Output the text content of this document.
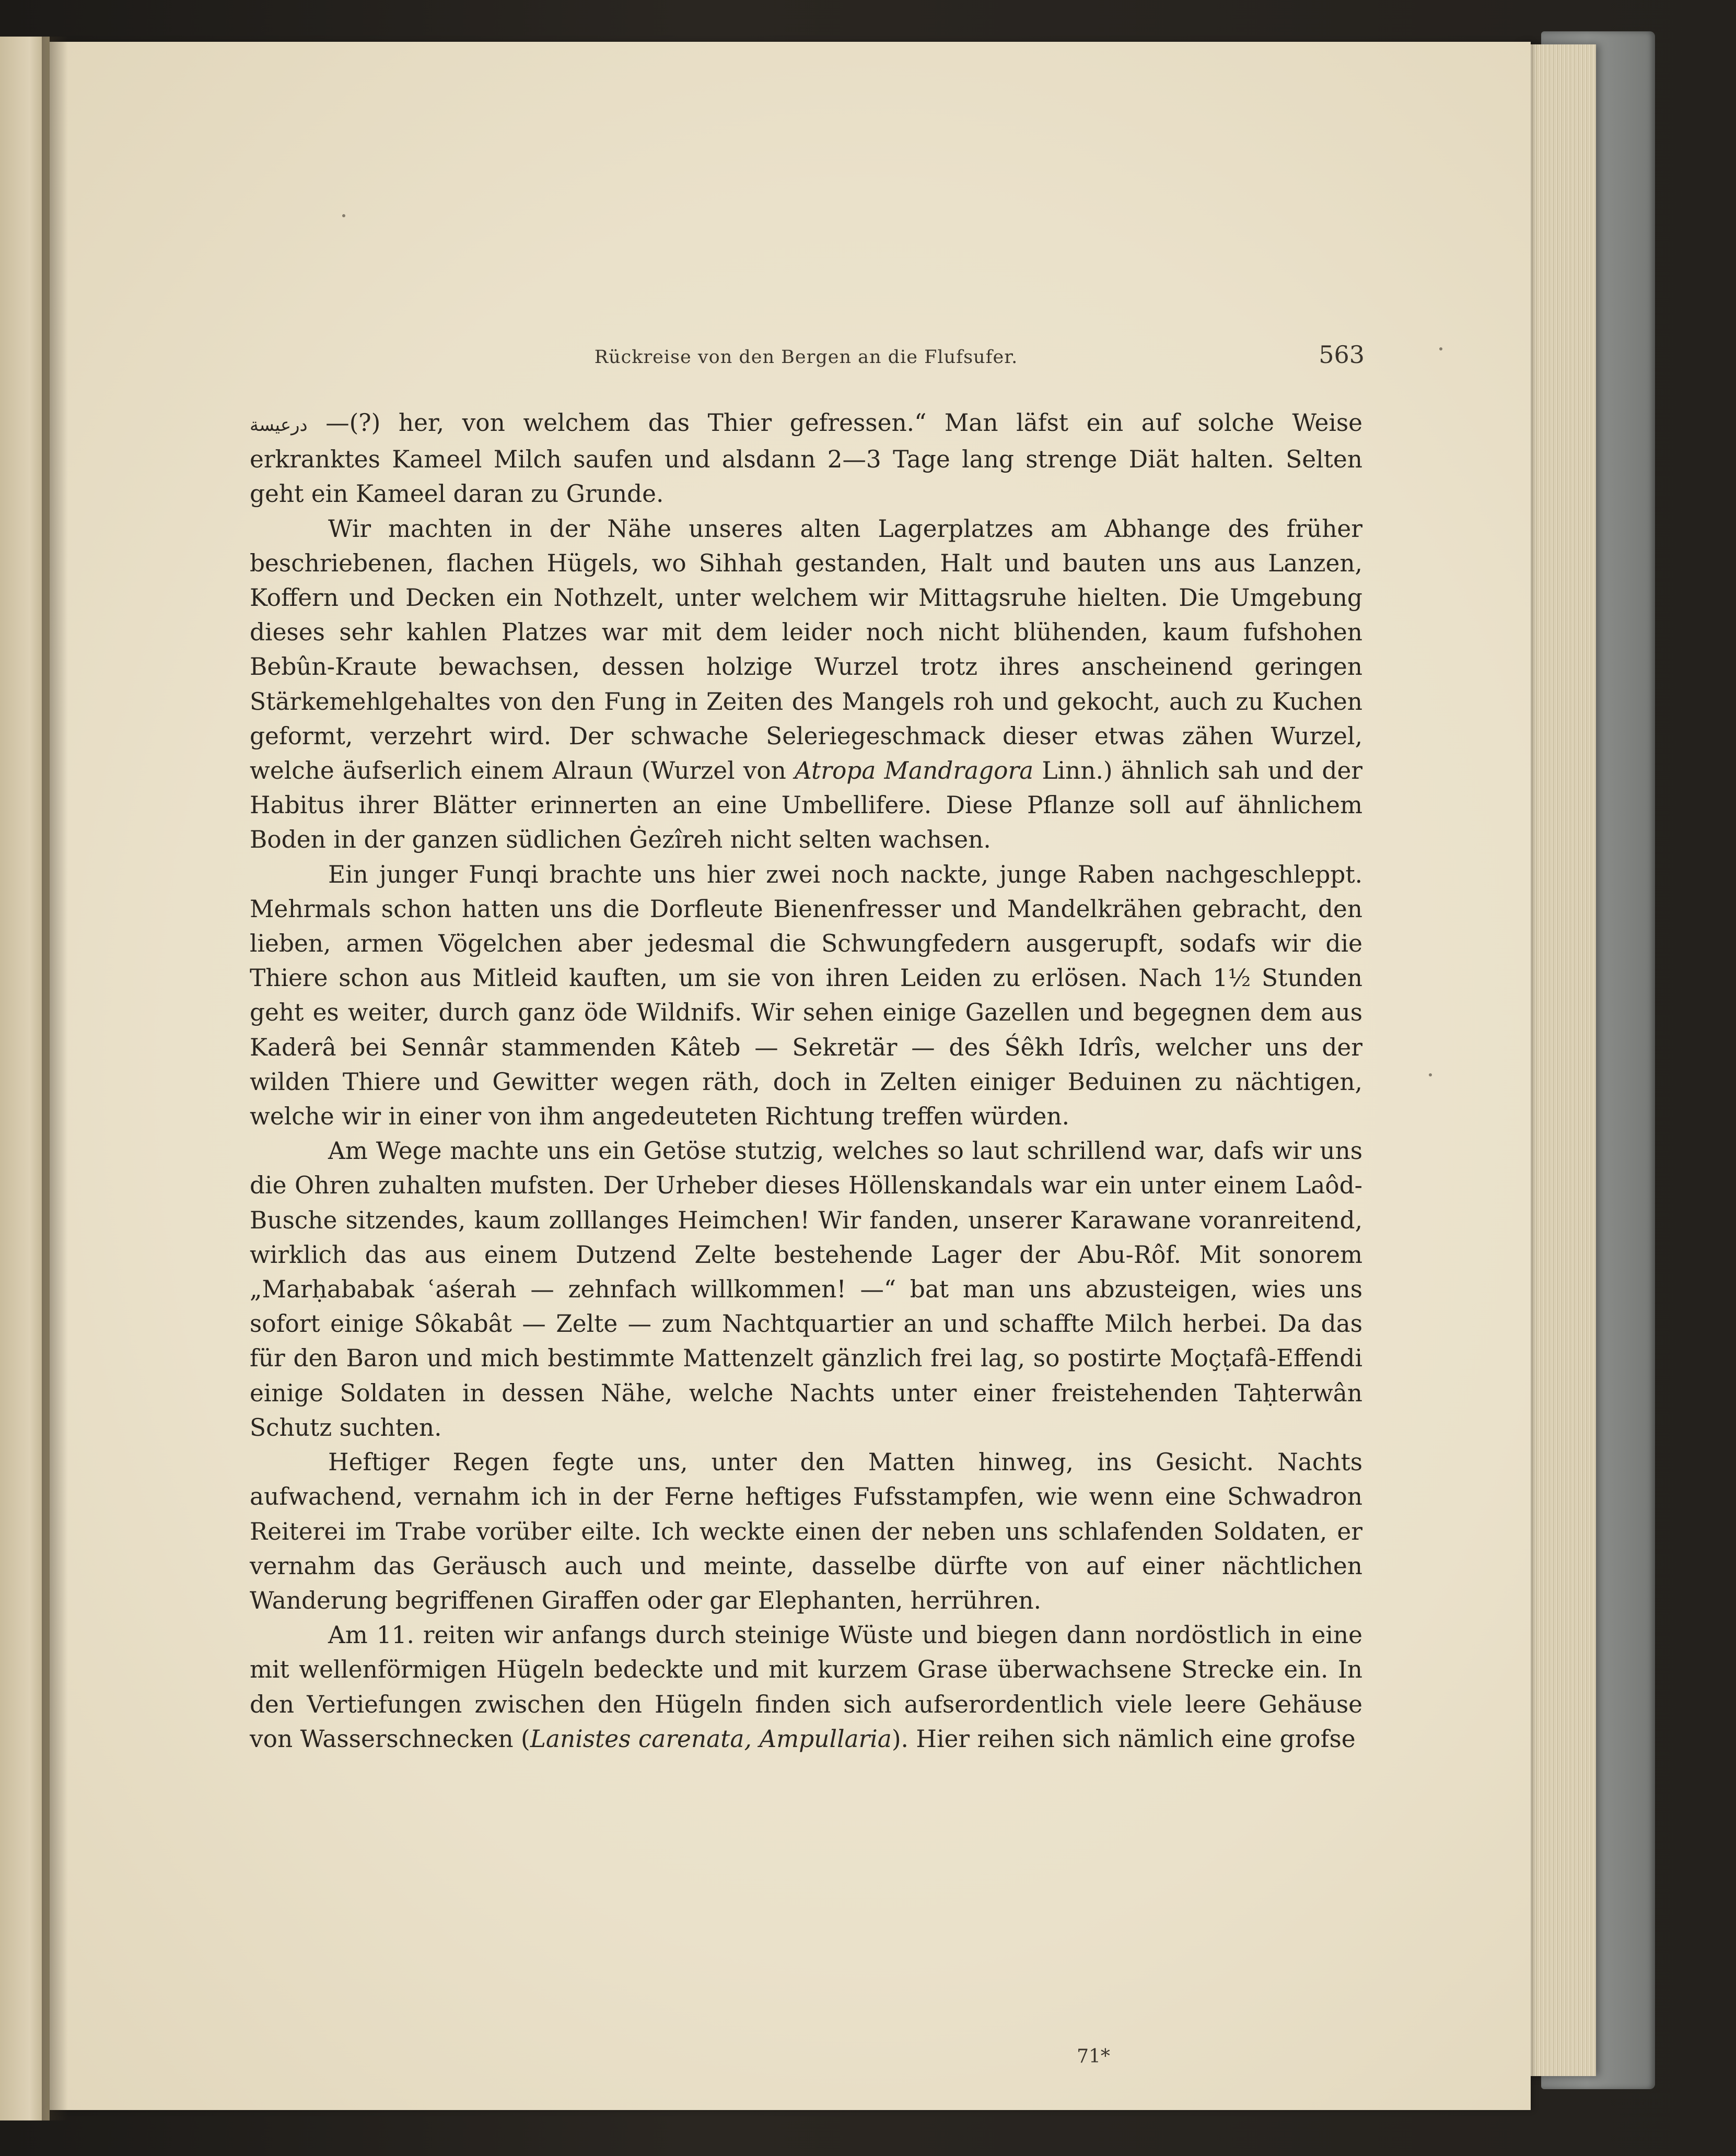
Rückreise von den Bergen an die Flufsufer.	563

درعيسة —(?) her, von welchem das Thier gefressen.“ Man läfst ein auf solche Weise erkranktes Kameel Milch saufen und alsdann 2—3 Tage lang strenge Diät halten. Selten geht ein Kameel daran zu Grunde.

Wir machten in der Nähe unseres alten Lagerplatzes am Abhange des früher beschriebenen, flachen Hügels, wo Sihhah gestanden, Halt und bauten uns aus Lanzen, Koffern und Decken ein Nothzelt, unter welchem wir Mittagsruhe hielten. Die Umgebung dieses sehr kahlen Platzes war mit dem leider noch nicht blühenden, kaum fufshohen Bebûn-Kraute bewachsen, dessen holzige Wurzel trotz ihres anscheinend geringen Stärkemehlgehaltes von den Fung in Zeiten des Mangels roh und gekocht, auch zu Kuchen geformt, verzehrt wird. Der schwache Seleriegeschmack dieser etwas zähen Wurzel, welche äufserlich einem Alraun (Wurzel von Atropa Mandragora Linn.) ähnlich sah und der Habitus ihrer Blätter erinnerten an eine Umbellifere. Diese Pflanze soll auf ähnlichem Boden in der ganzen südlichen Ġezîreh nicht selten wachsen.

Ein junger Funqi brachte uns hier zwei noch nackte, junge Raben nachgeschleppt. Mehrmals schon hatten uns die Dorfleute Bienenfresser und Mandelkrähen gebracht, den lieben, armen Vögelchen aber jedesmal die Schwungfedern ausgerupft, sodafs wir die Thiere schon aus Mitleid kauften, um sie von ihren Leiden zu erlösen. Nach 1½ Stunden geht es weiter, durch ganz öde Wildnifs. Wir sehen einige Gazellen und begegnen dem aus Kaderâ bei Sennâr stammenden Kâteb — Sekretär — des Śêkh Idrîs, welcher uns der wilden Thiere und Gewitter wegen räth, doch in Zelten einiger Beduinen zu nächtigen, welche wir in einer von ihm angedeuteten Richtung treffen würden.

Am Wege machte uns ein Getöse stutzig, welches so laut schrillend war, dafs wir uns die Ohren zuhalten mufsten. Der Urheber dieses Höllenskandals war ein unter einem Laôd-Busche sitzendes, kaum zolllanges Heimchen! Wir fanden, unserer Karawane voranreitend, wirklich das aus einem Dutzend Zelte bestehende Lager der Abu-Rôf. Mit sonorem „Marḥababak ʿaśerah — zehnfach willkommen! —“ bat man uns abzusteigen, wies uns sofort einige Sôkabât — Zelte — zum Nachtquartier an und schaffte Milch herbei. Da das für den Baron und mich bestimmte Mattenzelt gänzlich frei lag, so postirte Moçṭafâ-Effendi einige Soldaten in dessen Nähe, welche Nachts unter einer freistehenden Taḥterwân Schutz suchten.

Heftiger Regen fegte uns, unter den Matten hinweg, ins Gesicht. Nachts aufwachend, vernahm ich in der Ferne heftiges Fufsstampfen, wie wenn eine Schwadron Reiterei im Trabe vorüber eilte. Ich weckte einen der neben uns schlafenden Soldaten, er vernahm das Geräusch auch und meinte, dasselbe dürfte von auf einer nächtlichen Wanderung begriffenen Giraffen oder gar Elephanten, herrühren.

Am 11. reiten wir anfangs durch steinige Wüste und biegen dann nordöstlich in eine mit wellenförmigen Hügeln bedeckte und mit kurzem Grase überwachsene Strecke ein. In den Vertiefungen zwischen den Hügeln finden sich aufserordentlich viele leere Gehäuse von Wasserschnecken (Lanistes carenata, Ampullaria). Hier reihen sich nämlich eine grofse

71*
